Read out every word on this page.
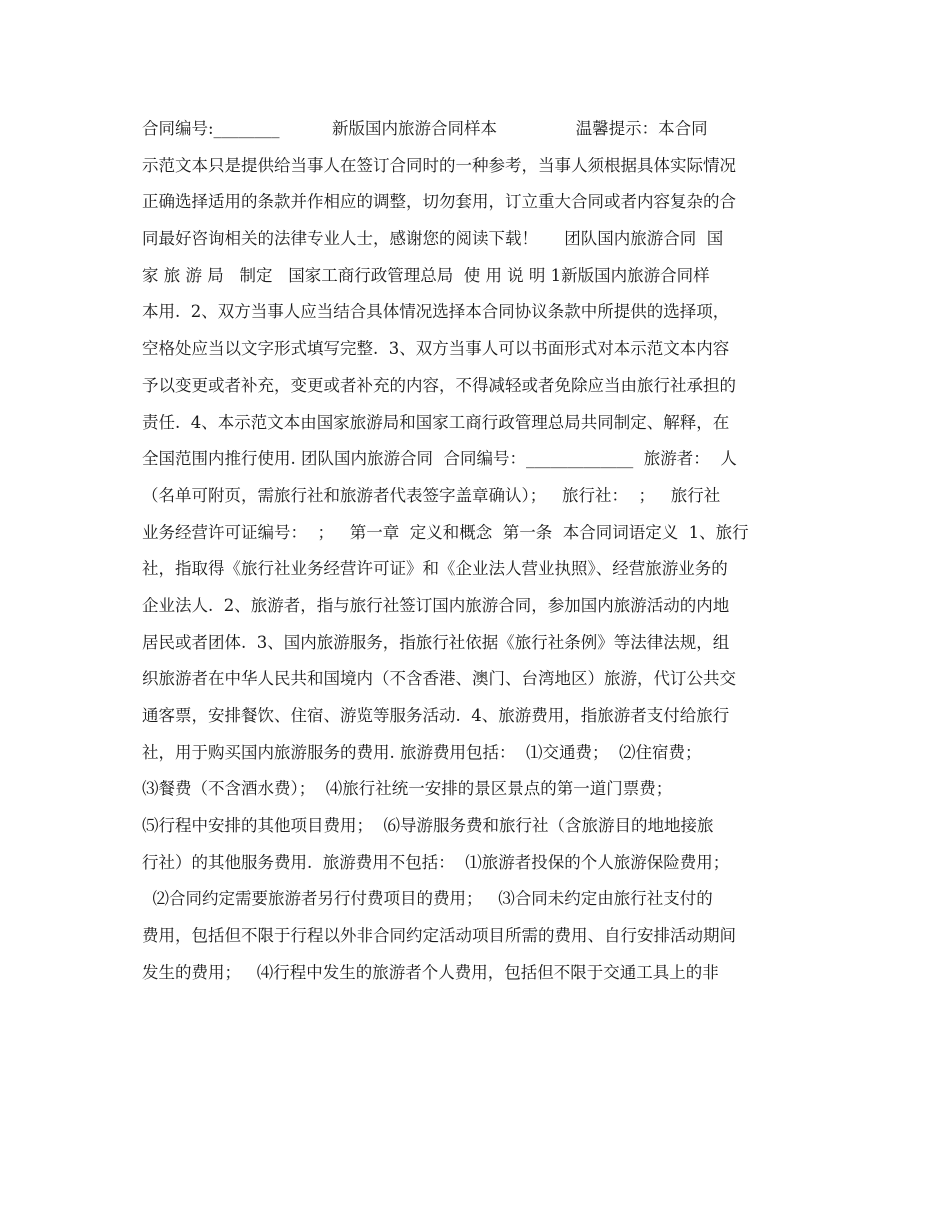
合同编号:________          新版国内旅游合同样本               温馨提示：本合同
示范文本只是提供给当事人在签订合同时的一种参考，当事人须根据具体实际情况
正确选择适用的条款并作相应的调整，切勿套用，订立重大合同或者内容复杂的合
同最好咨询相关的法律专业人士，感谢您的阅读下载！     团队国内旅游合同  国
家 旅 游 局   制定   国家工商行政管理总局  使 用 说 明 1新版国内旅游合同样
本用.  2、双方当事人应当结合具体情况选择本合同协议条款中所提供的选择项，
空格处应当以文字形式填写完整.  3、双方当事人可以书面形式对本示范文本内容
予以变更或者补充，变更或者补充的内容，不得减轻或者免除应当由旅行社承担的
责任.  4、本示范文本由国家旅游局和国家工商行政管理总局共同制定、解释，在
全国范围内推行使用. 团队国内旅游合同  合同编号：_____________  旅游者：  人
（名单可附页，需旅行社和旅游者代表签字盖章确认）；   旅行社：  ；   旅行社
业务经营许可证编号：  ；   第一章  定义和概念  第一条  本合同词语定义  1、旅行
社，指取得《旅行社业务经营许可证》和《企业法人营业执照》、经营旅游业务的
企业法人.  2、旅游者，指与旅行社签订国内旅游合同，参加国内旅游活动的内地
居民或者团体.  3、国内旅游服务，指旅行社依据《旅行社条例》等法律法规，组
织旅游者在中华人民共和国境内（不含香港、澳门、台湾地区）旅游，代订公共交
通客票，安排餐饮、住宿、游览等服务活动.  4、旅游费用，指旅游者支付给旅行
社，用于购买国内旅游服务的费用. 旅游费用包括：  ⑴交通费；  ⑵住宿费；
⑶餐费（不含酒水费）；  ⑷旅行社统一安排的景区景点的第一道门票费；
⑸行程中安排的其他项目费用；  ⑹导游服务费和旅行社（含旅游目的地地接旅
行社）的其他服务费用.  旅游费用不包括：  ⑴旅游者投保的个人旅游保险费用；
⑵合同约定需要旅游者另行付费项目的费用；   ⑶合同未约定由旅行社支付的
费用，包括但不限于行程以外非合同约定活动项目所需的费用、自行安排活动期间
发生的费用；   ⑷行程中发生的旅游者个人费用，包括但不限于交通工具上的非
